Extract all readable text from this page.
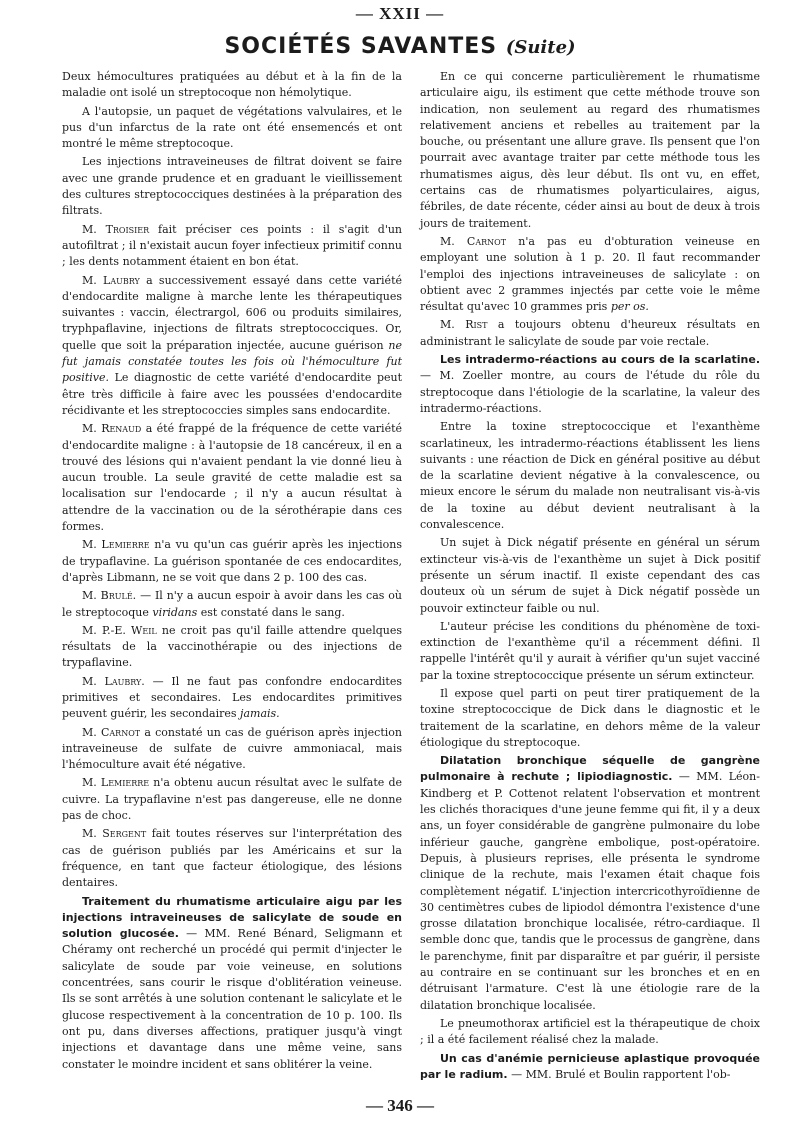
— XXII —
SOCIÉTÉS SAVANTES (Suite)

Deux hémocultures pratiquées au début et à la fin de la maladie ont isolé un streptocoque non hémolytique.

A l'autopsie, un paquet de végétations valvulaires, et le pus d'un infarctus de la rate ont été ensemencés et ont montré le même streptocoque.

Les injections intraveineuses de filtrat doivent se faire avec une grande prudence et en graduant le vieillissement des cultures streptococciques destinées à la préparation des filtrats.

M. Troisier fait préciser ces points : il s'agit d'un autofiltrat ; il n'existait aucun foyer infectieux primitif connu ; les dents notamment étaient en bon état.

M. Laubry a successivement essayé dans cette variété d'endocardite maligne à marche lente les thérapeutiques suivantes : vaccin, électrargol, 606 ou produits similaires, tryphpaflavine, injections de filtrats streptococciques. Or, quelle que soit la préparation injectée, aucune guérison ne fut jamais constatée toutes les fois où l'hémoculture fut positive. Le diagnostic de cette variété d'endocardite peut être très difficile à faire avec les poussées d'endocardite récidivante et les streptococcies simples sans endocardite.

M. Renaud a été frappé de la fréquence de cette variété d'endocardite maligne : à l'autopsie de 18 cancéreux, il en a trouvé des lésions qui n'avaient pendant la vie donné lieu à aucun trouble. La seule gravité de cette maladie est sa localisation sur l'endocarde ; il n'y a aucun résultat à attendre de la vaccination ou de la sérothérapie dans ces formes.

M. Lemierre n'a vu qu'un cas guérir après les injections de trypaflavine. La guérison spontanée de ces endocardites, d'après Libmann, ne se voit que dans 2 p. 100 des cas.

M. Brulé. — Il n'y a aucun espoir à avoir dans les cas où le streptocoque viridans est constaté dans le sang.

M. P.-E. Weil ne croit pas qu'il faille attendre quelques résultats de la vaccinothérapie ou des injections de trypaflavine.

M. Laubry. — Il ne faut pas confondre endocardites primitives et secondaires. Les endocardites primitives peuvent guérir, les secondaires jamais.

M. Carnot a constaté un cas de guérison après injection intraveineuse de sulfate de cuivre ammoniacal, mais l'hémoculture avait été négative.

M. Lemierre n'a obtenu aucun résultat avec le sulfate de cuivre. La trypaflavine n'est pas dangereuse, elle ne donne pas de choc.

M. Sergent fait toutes réserves sur l'interprétation des cas de guérison publiés par les Américains et sur la fréquence, en tant que facteur étiologique, des lésions dentaires.

Traitement du rhumatisme articulaire aigu par les injections intraveineuses de salicylate de soude en solution glucosée. — MM. René Bénard, Seligmann et Chéramy ont recherché un procédé qui permit d'injecter le salicylate de soude par voie veineuse, en solutions concentrées, sans courir le risque d'oblitération veineuse. Ils se sont arrêtés à une solution contenant le salicylate et le glucose respectivement à la concentration de 10 p. 100. Ils ont pu, dans diverses affections, pratiquer jusqu'à vingt injections et davantage dans une même veine, sans constater le moindre incident et sans oblitérer la veine.

En ce qui concerne particulièrement le rhumatisme articulaire aigu, ils estiment que cette méthode trouve son indication, non seulement au regard des rhumatismes relativement anciens et rebelles au traitement par la bouche, ou présentant une allure grave. Ils pensent que l'on pourrait avec avantage traiter par cette méthode tous les rhumatismes aigus, dès leur début. Ils ont vu, en effet, certains cas de rhumatismes polyarticulaires, aigus, fébriles, de date récente, céder ainsi au bout de deux à trois jours de traitement.

M. Carnot n'a pas eu d'obturation veineuse en employant une solution à 1 p. 20. Il faut recommander l'emploi des injections intraveineuses de salicylate : on obtient avec 2 grammes injectés par cette voie le même résultat qu'avec 10 grammes pris per os.

M. Rist a toujours obtenu d'heureux résultats en administrant le salicylate de soude par voie rectale.

Les intradermo-réactions au cours de la scarlatine. — M. Zoeller montre, au cours de l'étude du rôle du streptocoque dans l'étiologie de la scarlatine, la valeur des intradermo-réactions.

Entre la toxine streptococcique et l'exanthème scarlatineux, les intradermo-réactions établissent les liens suivants : une réaction de Dick en général positive au début de la scarlatine devient négative à la convalescence, ou mieux encore le sérum du malade non neutralisant vis-à-vis de la toxine au début devient neutralisant à la convalescence.

Un sujet à Dick négatif présente en général un sérum extincteur vis-à-vis de l'exanthème un sujet à Dick positif présente un sérum inactif. Il existe cependant des cas douteux où un sérum de sujet à Dick négatif possède un pouvoir extincteur faible ou nul.

L'auteur précise les conditions du phénomène de toxi-extinction de l'exanthème qu'il a récemment défini. Il rappelle l'intérêt qu'il y aurait à vérifier qu'un sujet vacciné par la toxine streptococcique présente un sérum extincteur.

Il expose quel parti on peut tirer pratiquement de la toxine streptococcique de Dick dans le diagnostic et le traitement de la scarlatine, en dehors même de la valeur étiologique du streptocoque.

Dilatation bronchique séquelle de gangrène pulmonaire à rechute ; lipiodiagnostic. — MM. Léon-Kindberg et P. Cottenot relatent l'observation et montrent les clichés thoraciques d'une jeune femme qui fit, il y a deux ans, un foyer considérable de gangrène pulmonaire du lobe inférieur gauche, gangrène embolique, post-opératoire. Depuis, à plusieurs reprises, elle présenta le syndrome clinique de la rechute, mais l'examen était chaque fois complètement négatif. L'injection intercricothyroïdienne de 30 centimètres cubes de lipiodol démontra l'existence d'une grosse dilatation bronchique localisée, rétro-cardiaque. Il semble donc que, tandis que le processus de gangrène, dans le parenchyme, finit par disparaître et par guérir, il persiste au contraire en se continuant sur les bronches et en en détruisant l'armature. C'est là une étiologie rare de la dilatation bronchique localisée.

Le pneumothorax artificiel est la thérapeutique de choix ; il a été facilement réalisé chez la malade.

Un cas d'anémie pernicieuse aplastique provoquée par le radium. — MM. Brulé et Boulin rapportent l'ob-

— 346 —
